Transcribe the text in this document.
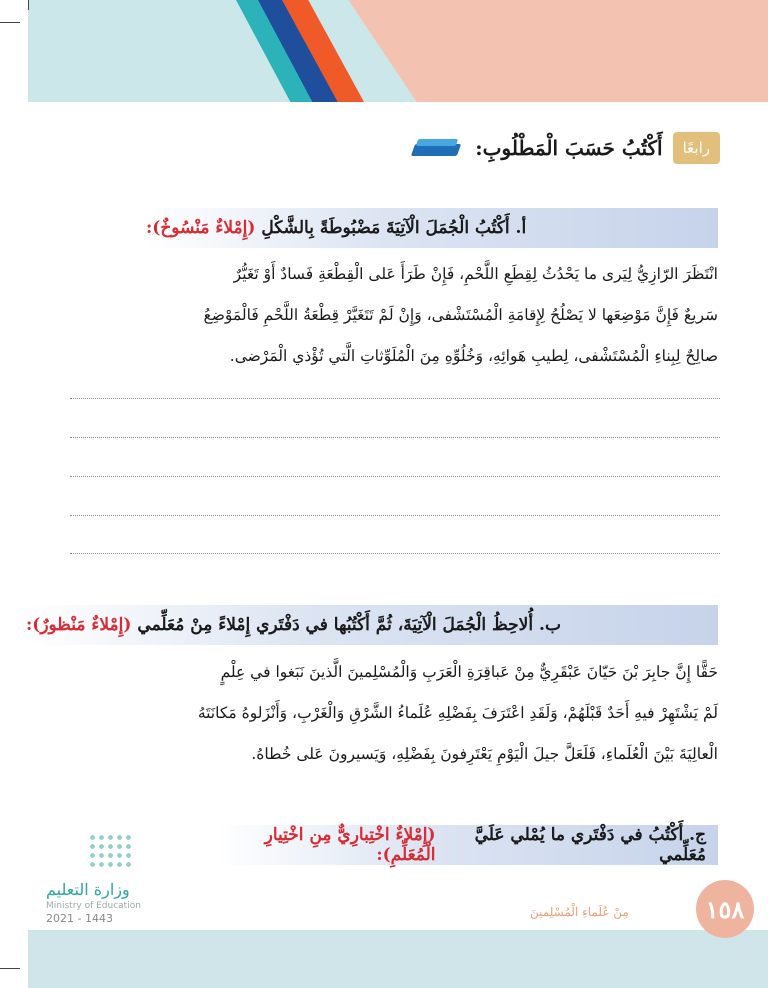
رابعًا
أَكْتُبُ حَسَبَ الْمَطْلُوبِ:
أ. أَكْتُبُ الْجُمَلَ الْآتِيَةَ مَضْبُوطَةً بِالشَّكْلِ
(إِمْلاءٌ مَنْسُوخٌ):
انْتَظَرَ الرّازِيُّ لِيَرى ما يَحْدُثُ لِقِطَعِ اللَّحْمِ، فَإِنْ طَرَأَ عَلى الْقِطْعَةِ فَسادٌ أَوْ تَغَيُّرٌ
سَريعٌ فَإِنَّ مَوْضِعَها لا يَصْلُحُ لِإِقامَةِ الْمُسْتَشْفى، وَإِنْ لَمْ تَتَغَيَّرْ قِطْعَةُ اللَّحْمِ فَالْمَوْضِعُ
صالِحٌ لِبِناءِ الْمُسْتَشْفى، لِطيبِ هَوائِهِ، وَخُلُوِّهِ مِنَ الْمُلَوِّثاتِ الَّتي تُؤْذي الْمَرْضى.
ب. أُلاحِظُ الْجُمَلَ الْآتِيَةَ، ثُمَّ أَكْتُبُها في دَفْتَري إِمْلاءً مِنْ مُعَلِّمي
(إِمْلاءٌ مَنْظورٌ):
حَقًّا إِنَّ جابِرَ بْنَ حَيّانَ عَبْقَرِيٌّ مِنْ عَباقِرَةِ الْعَرَبِ وَالْمُسْلِمينَ الَّذينَ نَبَغوا في عِلْمٍ
لَمْ يَشْتَهِرْ فيهِ أَحَدٌ قَبْلَهُمْ، وَلَقَدِ اعْتَرَفَ بِفَضْلِهِ عُلَماءُ الشَّرْقِ وَالْغَرْبِ، وَأَنْزَلوهُ مَكانَتَهُ
الْعالِيَةَ بَيْنَ الْعُلَماءِ، فَلَعَلَّ جيلَ الْيَوْمِ يَعْتَرِفونَ بِفَضْلِهِ، وَيَسيرونَ عَلى خُطاهُ.
ج. أَكْتُبُ في دَفْتَري ما يُمْلي عَلَيَّ مُعَلِّمي
(إِمْلاءٌ اخْتِبارِيٌّ مِنِ اخْتِيارِ الْمُعَلِّمِ):
وزارة التعليم
Ministry of Education
2021 - 1443	مِنْ عُلَماءِ الْمُسْلِمينَ	١٥٨
